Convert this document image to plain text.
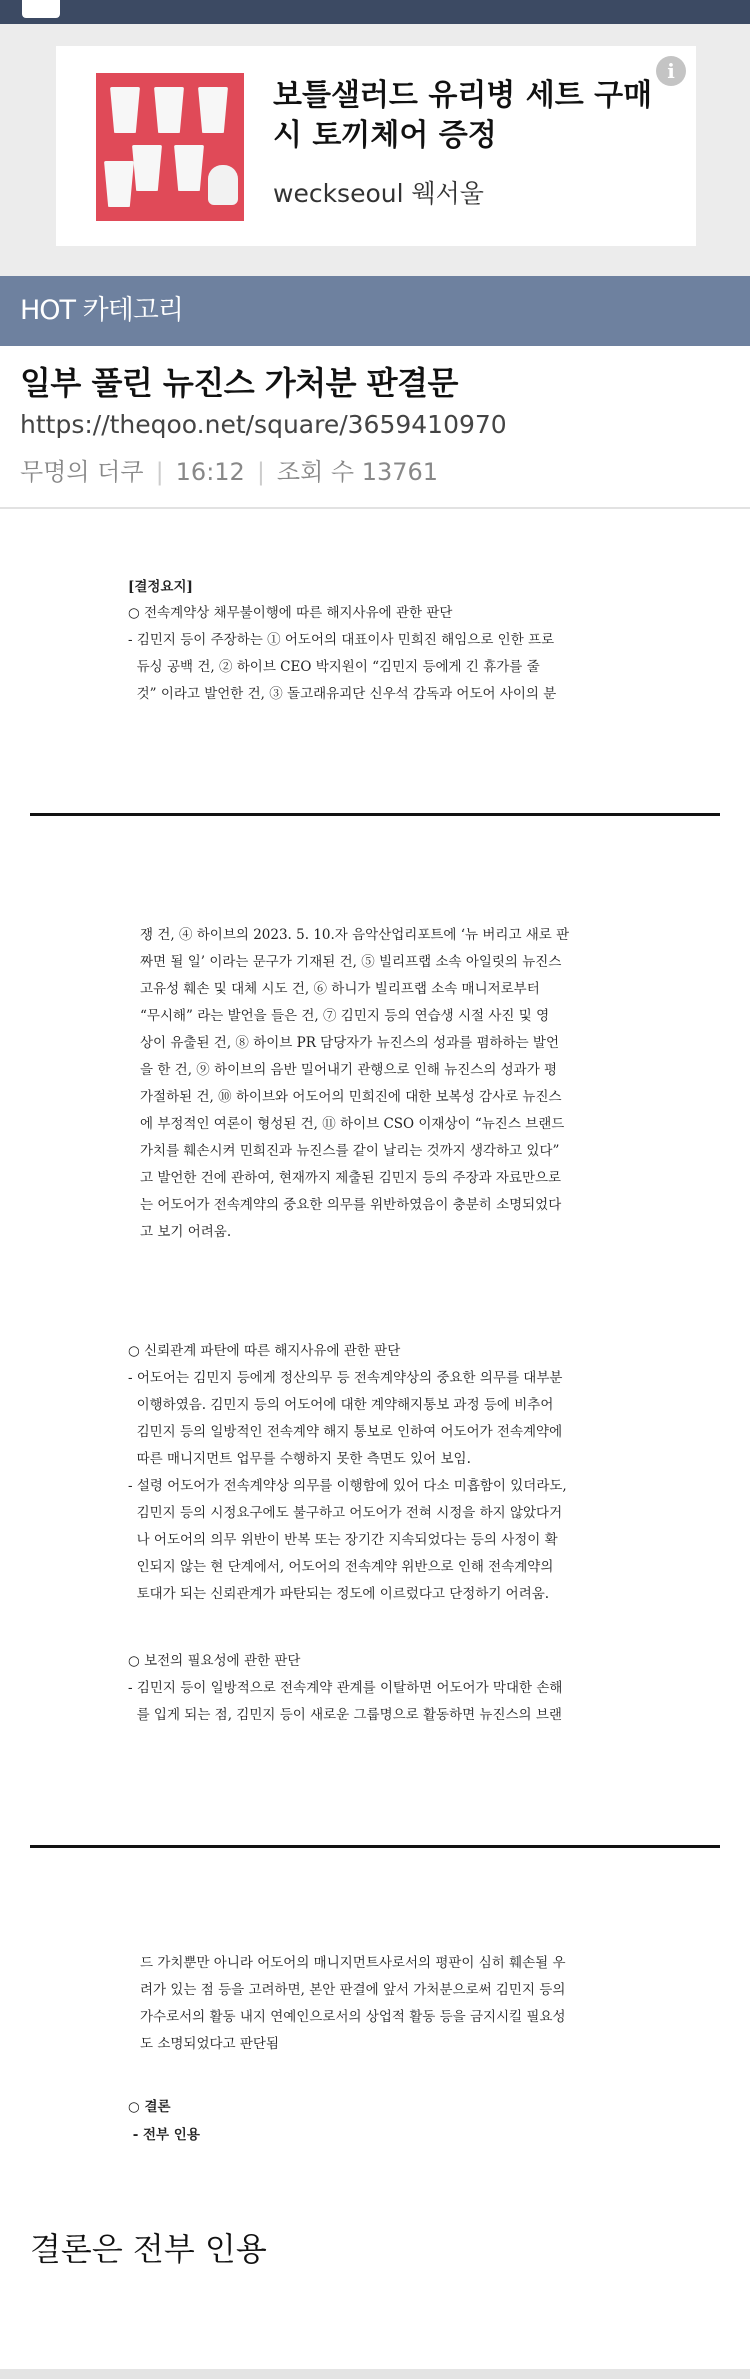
보틀샐러드 유리병 세트 구매시 토끼체어 증정
weckseoul 웩서울
i
HOT 카테고리
일부 풀린 뉴진스 가처분 판결문
https://theqoo.net/square/3659410970
무명의 더쿠 | 16:12 | 조회 수 13761
[결정요지]
○ 전속계약상 채무불이행에 따른 해지사유에 관한 판단
- 김민지 등이 주장하는 ① 어도어의 대표이사 민희진 해임으로 인한 프로
듀싱 공백 건, ② 하이브 CEO 박지원이 “김민지 등에게 긴 휴가를 줄
것” 이라고 발언한 건, ③ 돌고래유괴단 신우석 감독과 어도어 사이의 분
쟁 건, ④ 하이브의 2023. 5. 10.자 음악산업리포트에 ‘뉴 버리고 새로 판
짜면 될 일’ 이라는 문구가 기재된 건, ⑤ 빌리프랩 소속 아일릿의 뉴진스
고유성 훼손 및 대체 시도 건, ⑥ 하니가 빌리프랩 소속 매니저로부터
“무시해” 라는 발언을 들은 건, ⑦ 김민지 등의 연습생 시절 사진 및 영
상이 유출된 건, ⑧ 하이브 PR 담당자가 뉴진스의 성과를 폄하하는 발언
을 한 건, ⑨ 하이브의 음반 밀어내기 관행으로 인해 뉴진스의 성과가 평
가절하된 건, ⑩ 하이브와 어도어의 민희진에 대한 보복성 감사로 뉴진스
에 부정적인 여론이 형성된 건, ⑪ 하이브 CSO 이재상이 “뉴진스 브랜드
가치를 훼손시켜 민희진과 뉴진스를 같이 날리는 것까지 생각하고 있다”
고 발언한 건에 관하여, 현재까지 제출된 김민지 등의 주장과 자료만으로
는 어도어가 전속계약의 중요한 의무를 위반하였음이 충분히 소명되었다
고 보기 어려움.
○ 신뢰관계 파탄에 따른 해지사유에 관한 판단
- 어도어는 김민지 등에게 정산의무 등 전속계약상의 중요한 의무를 대부분
이행하였음. 김민지 등의 어도어에 대한 계약해지통보 과정 등에 비추어
김민지 등의 일방적인 전속계약 해지 통보로 인하여 어도어가 전속계약에
따른 매니지먼트 업무를 수행하지 못한 측면도 있어 보임.
- 설령 어도어가 전속계약상 의무를 이행함에 있어 다소 미흡함이 있더라도,
김민지 등의 시정요구에도 불구하고 어도어가 전혀 시정을 하지 않았다거
나 어도어의 의무 위반이 반복 또는 장기간 지속되었다는 등의 사정이 확
인되지 않는 현 단계에서, 어도어의 전속계약 위반으로 인해 전속계약의
토대가 되는 신뢰관계가 파탄되는 정도에 이르렀다고 단정하기 어려움.
○ 보전의 필요성에 관한 판단
- 김민지 등이 일방적으로 전속계약 관계를 이탈하면 어도어가 막대한 손해
를 입게 되는 점, 김민지 등이 새로운 그룹명으로 활동하면 뉴진스의 브랜
드 가치뿐만 아니라 어도어의 매니지먼트사로서의 평판이 심히 훼손될 우
려가 있는 점 등을 고려하면, 본안 판결에 앞서 가처분으로써 김민지 등의
가수로서의 활동 내지 연예인으로서의 상업적 활동 등을 금지시킬 필요성
도 소명되었다고 판단됨
○ 결론
- 전부 인용
결론은 전부 인용
